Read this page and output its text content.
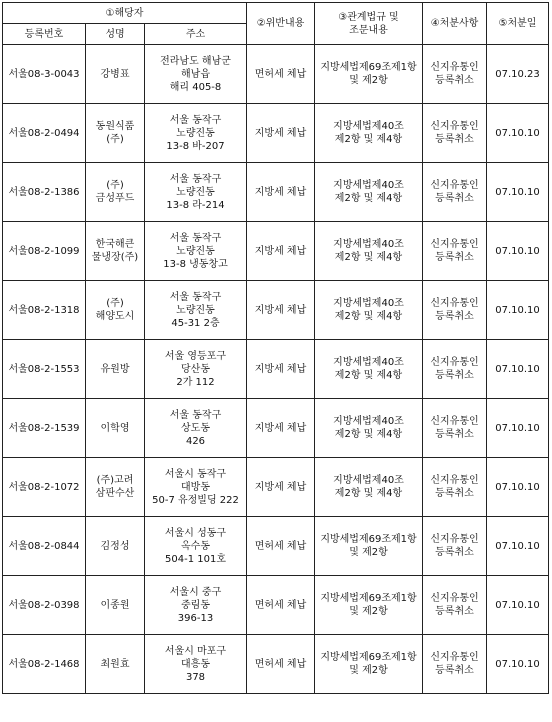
①해당자			②위반내용	③관계법규 및
조문내용	④처분사항	⑤처분일
등록번호	성명	주소				
서울08-3-0043	강병표	전라남도 해남군
해남읍
해리 405-8	면허세 체납	지방세법제69조제1항
및 제2항	신지유통인
등록취소	07.10.23
서울08-2-0494	동원식품
(주)	서울 동작구
노량진동
13-8 바-207	지방세 체납	지방세법제40조
제2항 및 제4항	신지유통인
등록취소	07.10.10
서울08-2-1386	(주)
금성푸드	서울 동작구
노량진동
13-8 라-214	지방세 체납	지방세법제40조
제2항 및 제4항	신지유통인
등록취소	07.10.10
서울08-2-1099	한국해큰
물냉장(주)	서울 동작구
노량진동
13-8 냉동창고	지방세 체납	지방세법제40조
제2항 및 제4항	신지유통인
등록취소	07.10.10
서울08-2-1318	(주)
해양도시	서울 동작구
노량진동
45-31 2층	지방세 체납	지방세법제40조
제2항 및 제4항	신지유통인
등록취소	07.10.10
서울08-2-1553	유원방	서울 영등포구
당산동
2가 112	지방세 체납	지방세법제40조
제2항 및 제4항	신지유통인
등록취소	07.10.10
서울08-2-1539	이학영	서울 동작구
상도동
426	지방세 체납	지방세법제40조
제2항 및 제4항	신지유통인
등록취소	07.10.10
서울08-2-1072	(주)고려
삼판수산	서울시 동작구
대방동
50-7 유정빌딩 222	지방세 체납	지방세법제40조
제2항 및 제4항	신지유통인
등록취소	07.10.10
서울08-2-0844	김정성	서울시 성동구
옥수동
504-1 101호	면허세 체납	지방세법제69조제1항
및 제2항	신지유통인
등록취소	07.10.10
서울08-2-0398	이종원	서울시 중구
중림동
396-13	면허세 체납	지방세법제69조제1항
및 제2항	신지유통인
등록취소	07.10.10
서울08-2-1468	최원효	서울시 마포구
대흥동
378	면허세 체납	지방세법제69조제1항
및 제2항	신지유통인
등록취소	07.10.10
